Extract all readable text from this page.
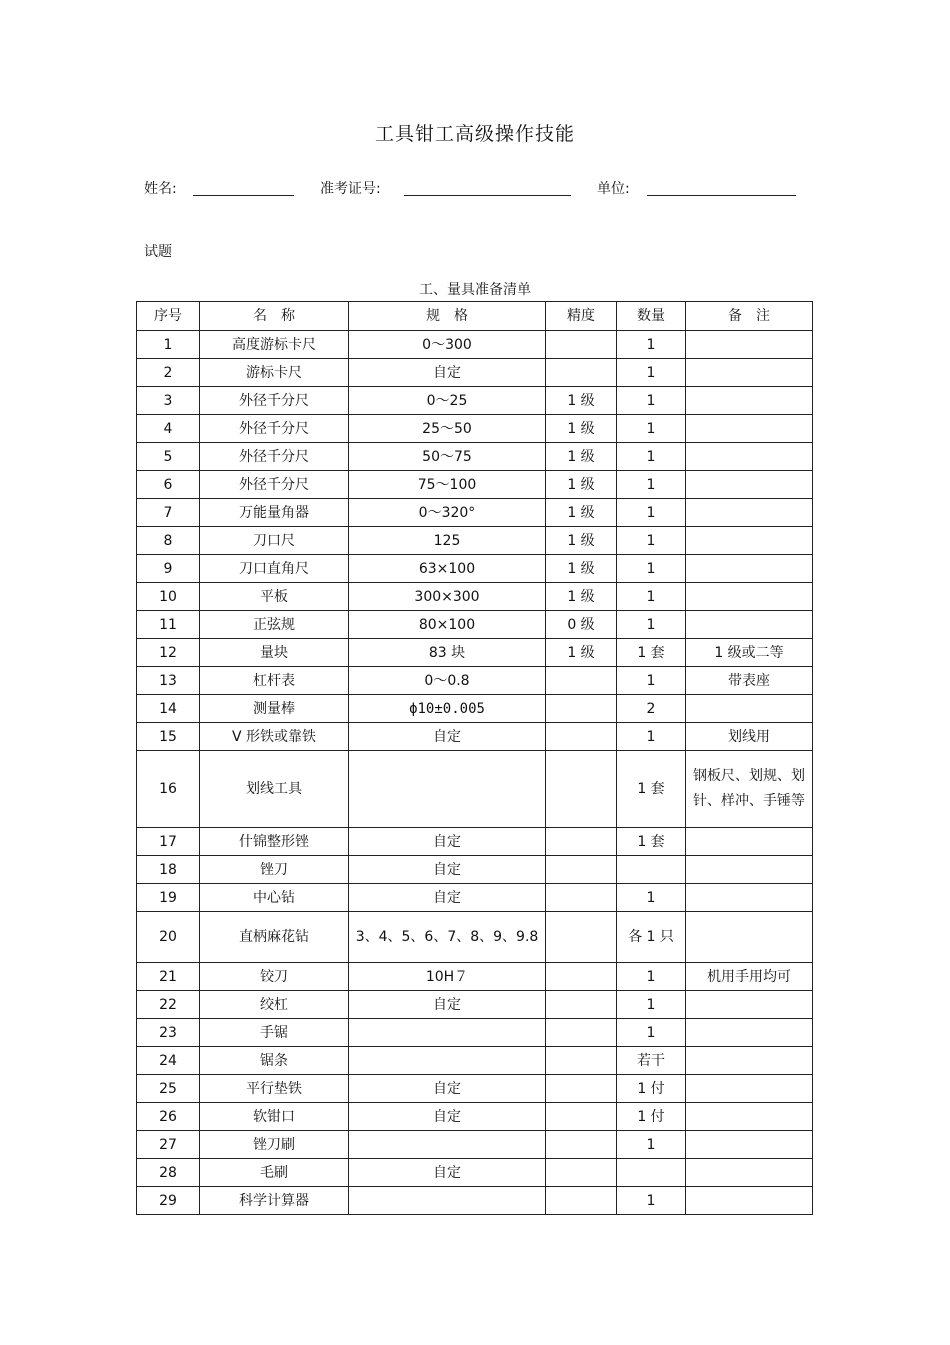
工具钳工高级操作技能
姓名:	准考证号:	单位:
试题
工、量具准备清单
序号	名　称	规　格	精度	数量	备　注
1	高度游标卡尺	0～300		1	
2	游标卡尺	自定		1	
3	外径千分尺	0～25	1 级	1	
4	外径千分尺	25～50	1 级	1	
5	外径千分尺	50～75	1 级	1	
6	外径千分尺	75～100	1 级	1	
7	万能量角器	0～320°	1 级	1	
8	刀口尺	125	1 级	1	
9	刀口直角尺	63×100	1 级	1	
10	平板	300×300	1 级	1	
11	正弦规	80×100	0 级	1	
12	量块	83 块	1 级	1 套	1 级或二等
13	杠杆表	0～0.8		1	带表座
14	测量棒	ϕ10±0.005		2	
15	V 形铁或靠铁	自定		1	划线用
16	划线工具			1 套	钢板尺、划规、划针、样冲、手锤等
17	什锦整形锉	自定		1 套	
18	锉刀	自定			
19	中心钻	自定		1	
20	直柄麻花钻	3、4、5、6、7、8、9、9.8		各 1 只	
21	铰刀	10H７		1	机用手用均可
22	绞杠	自定		1	
23	手锯			1	
24	锯条			若干	
25	平行垫铁	自定		1 付	
26	软钳口	自定		1 付	
27	锉刀刷			1	
28	毛刷	自定			
29	科学计算器			1	
